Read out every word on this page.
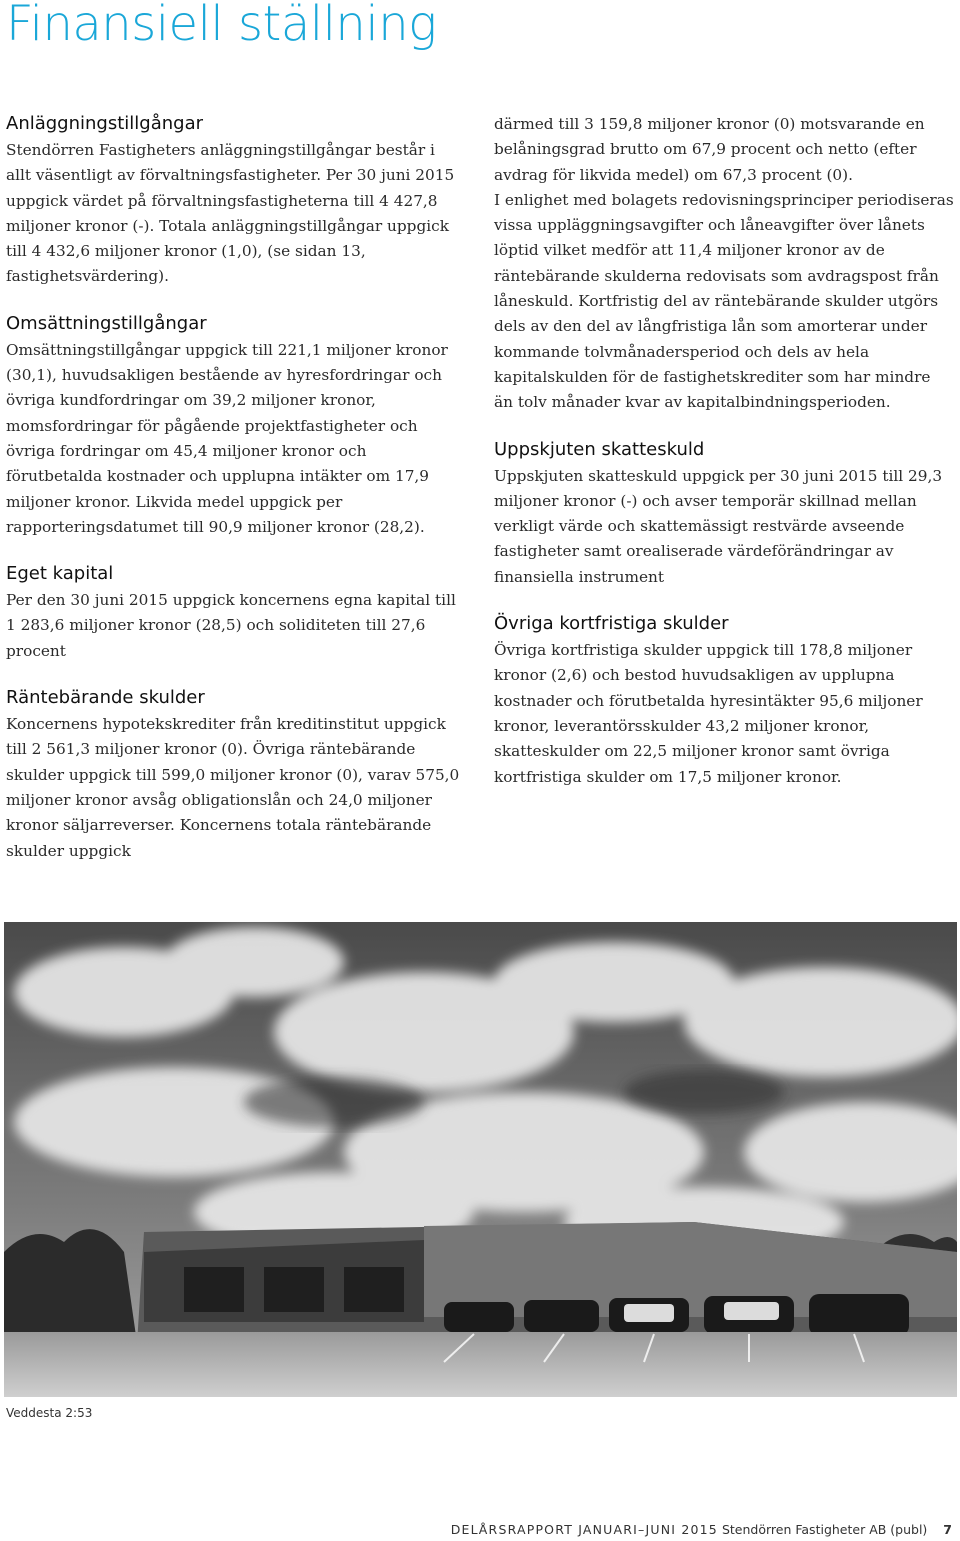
Finansiell ställning
Anläggningstillgångar

Stendörren Fastigheters anläggningstillgångar består i allt väsentligt av förvaltningsfastigheter. Per 30 juni 2015 uppgick värdet på förvaltningsfastigheterna till 4 427,8 miljoner kronor (-). Totala anläggningstillgångar uppgick till 4 432,6 miljoner kronor (1,0), (se sidan 13, fastighetsvärdering).

Omsättningstillgångar

Omsättningstillgångar uppgick till 221,1 miljoner kronor (30,1), huvudsakligen bestående av hyresfordringar och övriga kundfordringar om 39,2 miljoner kronor, momsfordringar för pågående projektfastigheter och övriga fordringar om 45,4 miljoner kronor och förutbetalda kostnader och upplupna intäkter om 17,9 miljoner kronor. Likvida medel uppgick per rapporteringsdatumet till 90,9 miljoner kronor (28,2).

Eget kapital

Per den 30 juni 2015 uppgick koncernens egna kapital till 1 283,6 miljoner kronor (28,5) och soliditeten till 27,6 procent

Räntebärande skulder

Koncernens hypotekskrediter från kreditinstitut uppgick till 2 561,3 miljoner kronor (0). Övriga räntebärande skulder uppgick till 599,0 miljoner kronor (0), varav 575,0 miljoner kronor avsåg obligationslån och 24,0 miljoner kronor säljarreverser. Koncernens totala räntebärande skulder uppgick

därmed till 3 159,8 miljoner kronor (0) motsvarande en belåningsgrad brutto om 67,9 procent och netto (efter avdrag för likvida medel) om 67,3 procent (0).

I enlighet med bolagets redovisningsprinciper periodiseras vissa uppläggningsavgifter och låneavgifter över lånets löptid vilket medför att 11,4 miljoner kronor av de räntebärande skulderna redovisats som avdragspost från låneskuld. Kortfristig del av räntebärande skulder utgörs dels av den del av långfristiga lån som amorterar under kommande tolvmånadersperiod och dels av hela kapitalskulden för de fastighetskrediter som har mindre än tolv månader kvar av kapitalbindningsperioden.

Uppskjuten skatteskuld

Uppskjuten skatteskuld uppgick per 30 juni 2015 till 29,3 miljoner kronor (-) och avser temporär skillnad mellan verkligt värde och skattemässigt restvärde avseende fastigheter samt orealiserade värdeförändringar av finansiella instrument

Övriga kortfristiga skulder

Övriga kortfristiga skulder uppgick till 178,8 miljoner kronor (2,6) och bestod huvudsakligen av upplupna kostnader och förutbetalda hyresintäkter 95,6 miljoner kronor, leverantörsskulder 43,2 miljoner kronor, skatteskulder om 22,5 miljoner kronor samt övriga kortfristiga skulder om 17,5 miljoner kronor.

Veddesta 2:53
DELÅRSRAPPORT JANUARI–JUNI 2015 Stendörren Fastigheter AB (publ) 7
